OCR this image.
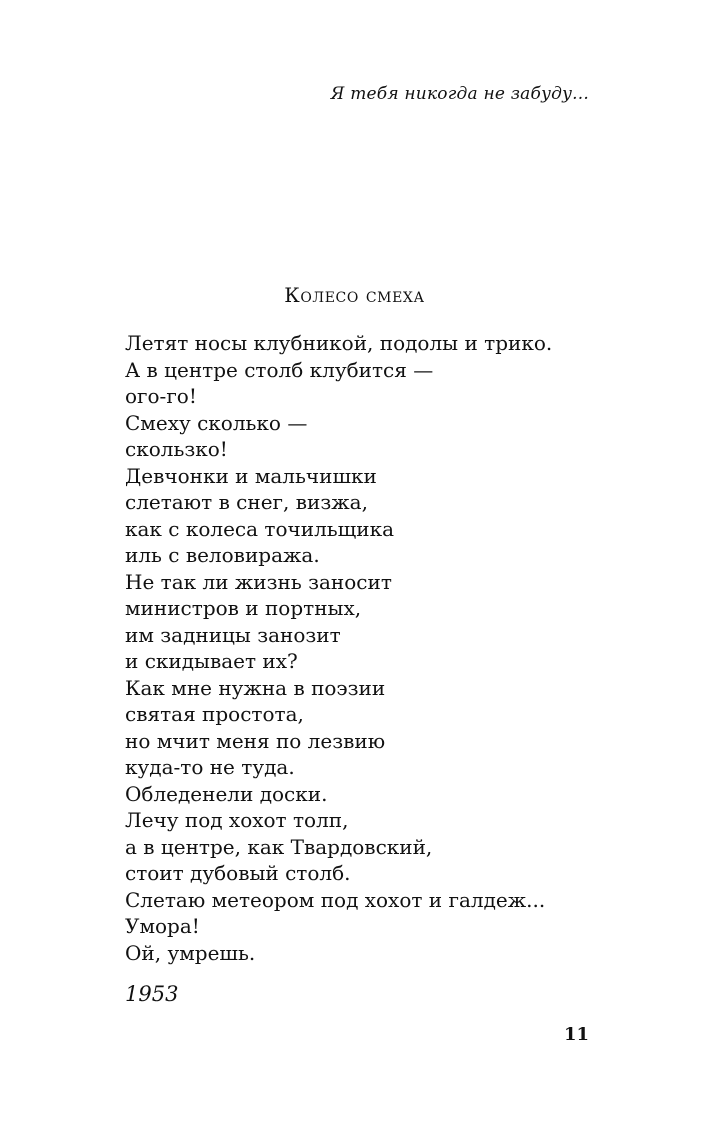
Я тебя никогда не забуду...
Колесо смеха
Летят носы клубникой, подолы и трико.
А в центре столб клубится —
ого-го!
Смеху сколько —
скользко!
Девчонки и мальчишки
слетают в снег, визжа,
как с колеса точильщика
иль с веловиража.
Не так ли жизнь заносит
министров и портных,
им задницы занозит
и скидывает их?
Как мне нужна в поэзии
святая простота,
но мчит меня по лезвию
куда-то не туда.
Обледенели доски.
Лечу под хохот толп,
а в центре, как Твардовский,
стоит дубовый столб.
Слетаю метеором под хохот и галдеж...
Умора!
Ой, умрешь.
1953
11
